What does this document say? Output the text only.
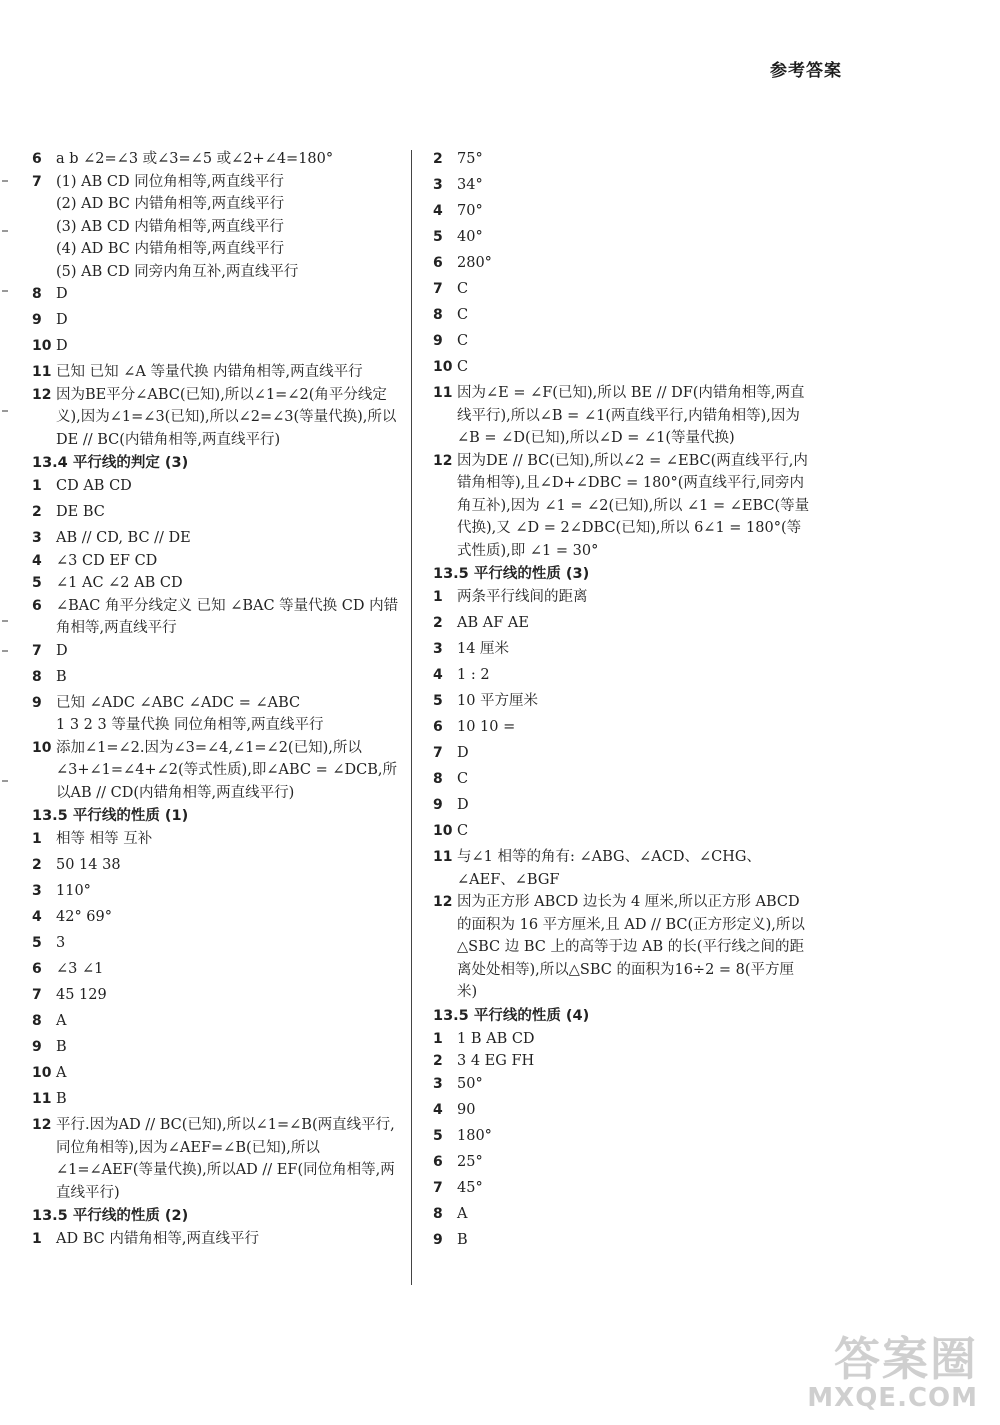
参考答案
6 a b ∠2=∠3 或∠3=∠5 或∠2+∠4=180°
7 (1) AB CD 同位角相等,两直线平行
(2) AD BC 内错角相等,两直线平行
(3) AB CD 内错角相等,两直线平行
(4) AD BC 内错角相等,两直线平行
(5) AB CD 同旁内角互补,两直线平行
8 D
9 D
10 D
11 已知 已知 ∠A 等量代换 内错角相等,两直线平行
12 因为BE平分∠ABC(已知),所以∠1=∠2(角平分线定义),因为∠1=∠3(已知),所以∠2=∠3(等量代换),所以DE // BC(内错角相等,两直线平行)
13.4 平行线的判定 (3)
1 CD AB CD
2 DE BC
3 AB // CD, BC // DE
4 ∠3 CD EF CD
5 ∠1 AC ∠2 AB CD
6 ∠BAC 角平分线定义 已知 ∠BAC 等量代换 CD 内错角相等,两直线平行
7 D
8 B
9 已知 ∠ADC ∠ABC ∠ADC = ∠ABC
1 3 2 3 等量代换 同位角相等,两直线平行
10 添加∠1=∠2.因为∠3=∠4,∠1=∠2(已知),所以∠3+∠1=∠4+∠2(等式性质),即∠ABC = ∠DCB,所以AB // CD(内错角相等,两直线平行)
13.5 平行线的性质 (1)
1 相等 相等 互补
2 50 14 38
3 110°
4 42° 69°
5 3
6 ∠3 ∠1
7 45 129
8 A
9 B
10 A
11 B
12 平行.因为AD // BC(已知),所以∠1=∠B(两直线平行,同位角相等),因为∠AEF=∠B(已知),所以∠1=∠AEF(等量代换),所以AD // EF(同位角相等,两直线平行)
13.5 平行线的性质 (2)
1 AD BC 内错角相等,两直线平行
2 75°
3 34°
4 70°
5 40°
6 280°
7 C
8 C
9 C
10 C
11 因为∠E = ∠F(已知),所以 BE // DF(内错角相等,两直线平行),所以∠B = ∠1(两直线平行,内错角相等),因为∠B = ∠D(已知),所以∠D = ∠1(等量代换)
12 因为DE // BC(已知),所以∠2 = ∠EBC(两直线平行,内错角相等),且∠D+∠DBC = 180°(两直线平行,同旁内角互补),因为 ∠1 = ∠2(已知),所以 ∠1 = ∠EBC(等量代换),又 ∠D = 2∠DBC(已知),所以 6∠1 = 180°(等式性质),即 ∠1 = 30°
13.5 平行线的性质 (3)
1 两条平行线间的距离
2 AB AF AE
3 14 厘米
4 1 : 2
5 10 平方厘米
6 10 10 =
7 D
8 C
9 D
10 C
11 与∠1 相等的角有: ∠ABG、∠ACD、∠CHG、∠AEF、∠BGF
12 因为正方形 ABCD 边长为 4 厘米,所以正方形 ABCD 的面积为 16 平方厘米,且 AD // BC(正方形定义),所以△SBC 边 BC 上的高等于边 AB 的长(平行线之间的距离处处相等),所以△SBC 的面积为16÷2 = 8(平方厘米)
13.5 平行线的性质 (4)
1 1 B AB CD
2 3 4 EG FH
3 50°
4 90
5 180°
6 25°
7 45°
8 A
9 B
答案圈
MXQE.COM
